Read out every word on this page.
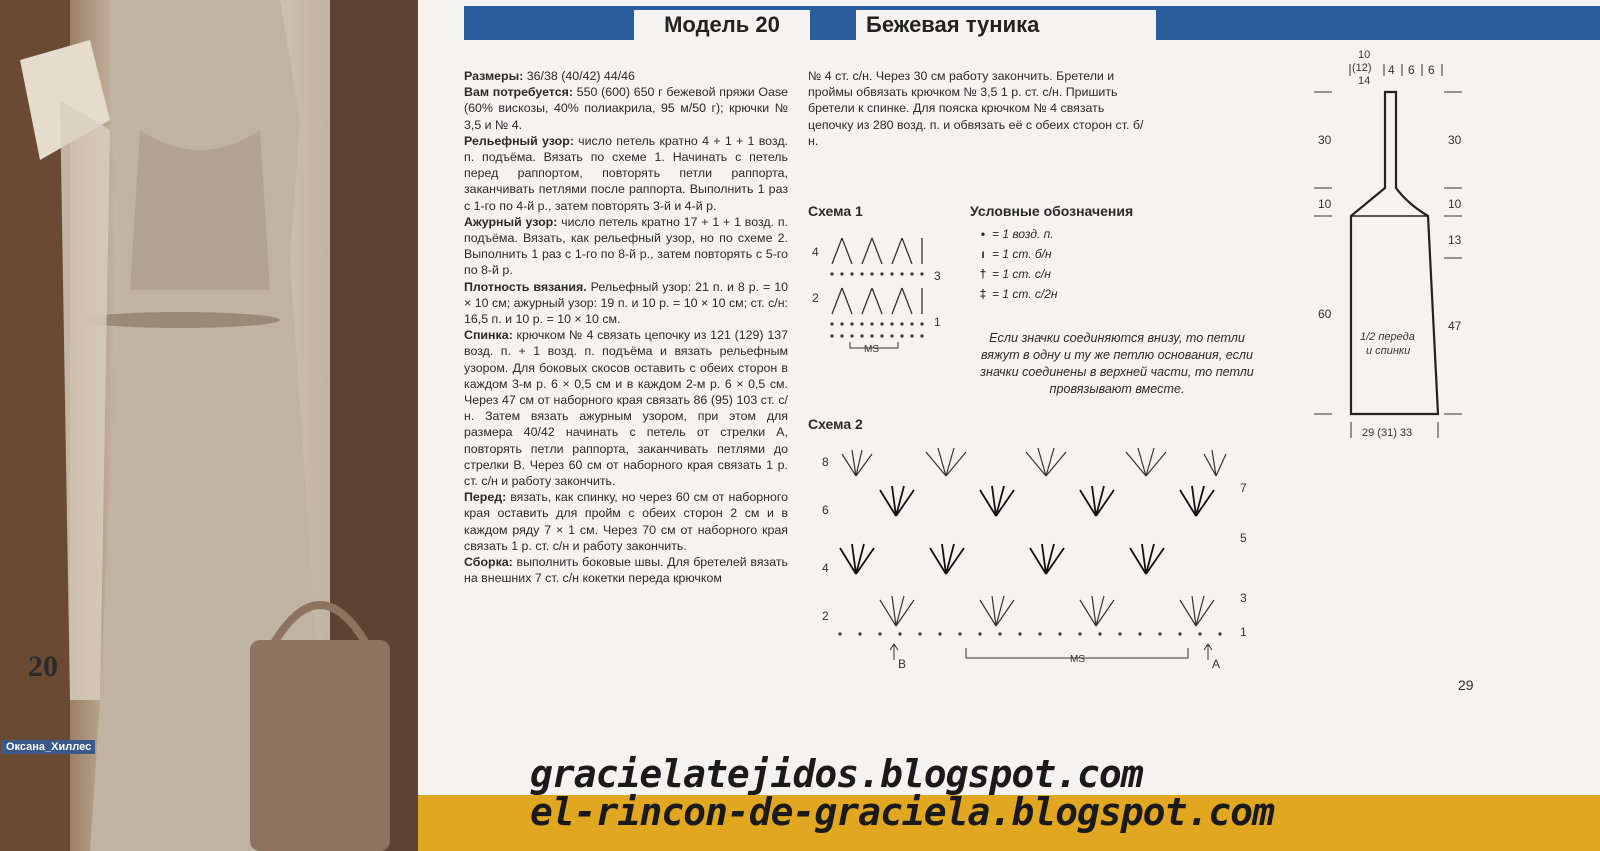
20
Оксана_Хиллес
Модель 20	Бежевая туника

Размеры: 36/38 (40/42) 44/46

Вам потребуется: 550 (600) 650 г бежевой пряжи Oase (60% вискозы, 40% полиакрила, 95 м/50 г); крючки № 3,5 и № 4.

Рельефный узор: число петель кратно 4 + 1 + 1 возд. п. подъёма. Вязать по схеме 1. Начинать с петель перед раппортом, повторять петли раппорта, заканчивать петлями после раппорта. Выполнить 1 раз с 1-го по 4-й р., затем повторять 3-й и 4-й р.

Ажурный узор: число петель кратно 17 + 1 + 1 возд. п. подъёма. Вязать, как рельефный узор, но по схеме 2. Выполнить 1 раз с 1-го по 8-й р., затем повторять с 5-го по 8-й р.

Плотность вязания. Рельефный узор: 21 п. и 8 р. = 10 × 10 см; ажурный узор: 19 п. и 10 р. = 10 × 10 см; ст. с/н: 16,5 п. и 10 р. = 10 × 10 см.

Спинка: крючком № 4 связать цепочку из 121 (129) 137 возд. п. + 1 возд. п. подъёма и вязать рельефным узором. Для боковых скосов оставить с обеих сторон в каждом 3-м р. 6 × 0,5 см и в каждом 2-м р. 6 × 0,5 см. Через 47 см от наборного края связать 86 (95) 103 ст. с/н. Затем вязать ажурным узором, при этом для размера 40/42 начинать с петель от стрелки А, повторять петли раппорта, заканчивать петлями до стрелки В. Через 60 см от наборного края связать 1 р. ст. с/н и работу закончить.

Перед: вязать, как спинку, но через 60 см от наборного края оставить для пройм с обеих сторон 2 см и в каждом ряду 7 × 1 см. Через 70 см от наборного края связать 1 р. ст. с/н и работу закончить.

Сборка: выполнить боковые швы. Для бретелей вязать на внешних 7 ст. с/н кокетки переда крючком

№ 4 ст. с/н. Через 30 см работу закончить. Бретели и проймы обвязать крючком № 3,5 1 р. ст. с/н. Пришить бретели к спинке. Для пояска крючком № 4 связать цепочку из 280 возд. п. и обвязать её с обеих сторон ст. б/н.

Схема 1	Условные обозначения
Схема 2
4
3
2
1
MS
• = 1 возд. п.
ı = 1 ст. б/н
† = 1 ст. с/н
‡ = 1 ст. с/2н
Если значки соединяются внизу, то петли вяжут в одну и ту же петлю основания, если значки соединены в верхней части, то петли провязывают вместе.
8
6
4
2
7
5
3
1
B	A
MS
10
(12)
14
4 6 6
30
10
60
30
10
13
47
1/2 переда
и спинки
29 (31) 33
29
gracielatejidos.blogspot.com
el-rincon-de-graciela.blogspot.com
